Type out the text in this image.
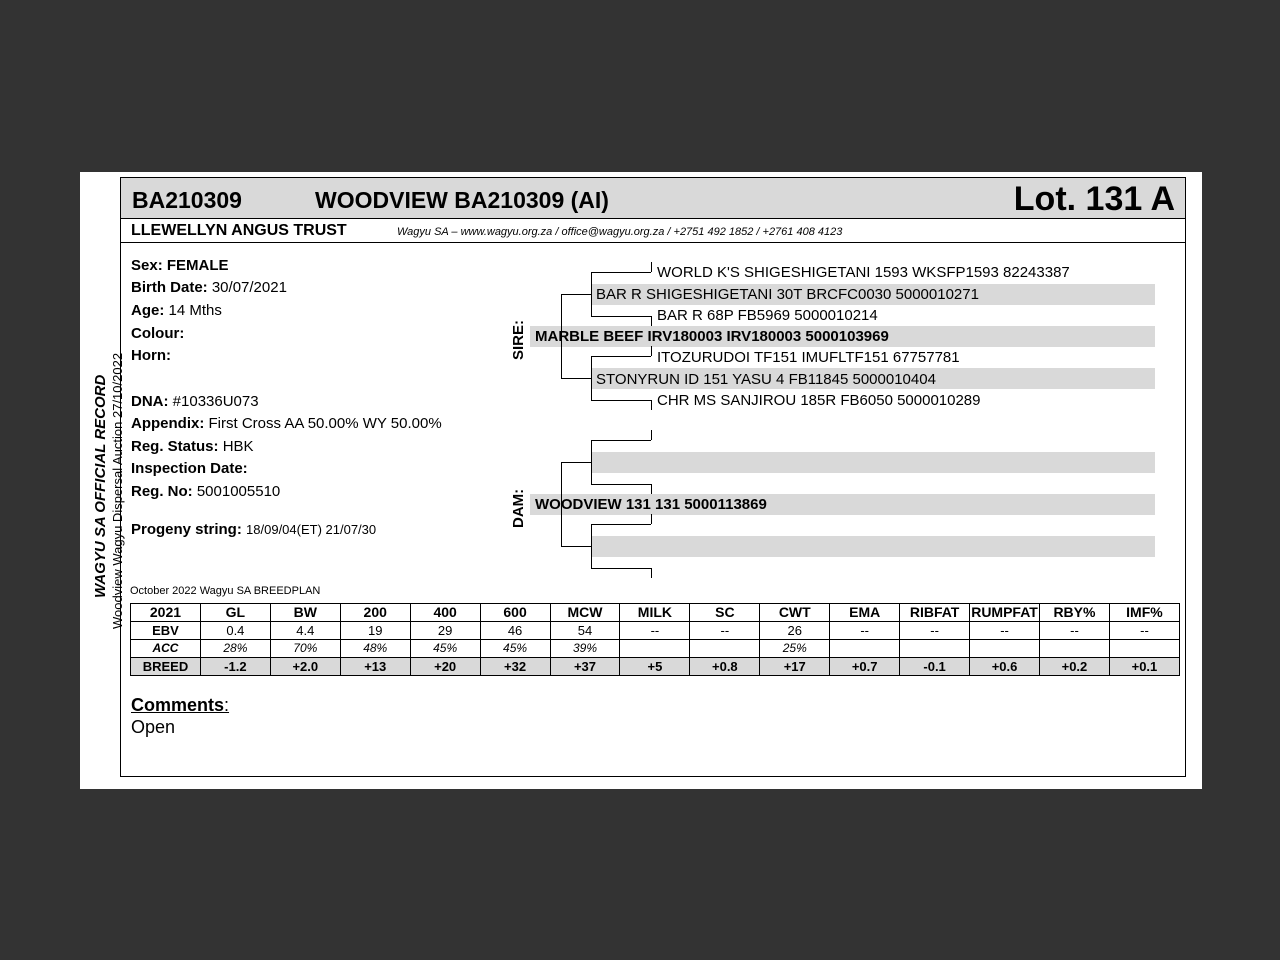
WAGYU SA OFFICIAL RECORD Woodview Wagyu Dispersal Auction 27/10/2022
BA210309	WOODVIEW BA210309 (AI)	Lot. 131 A
LLEWELLYN ANGUS TRUST	Wagyu SA – www.wagyu.org.za / office@wagyu.org.za / +2751 492 1852 / +2761 408 4123
Sex: FEMALE
Birth Date: 30/07/2021
Age: 14 Mths
Colour:
Horn:
DNA: #10336U073
Appendix: First Cross AA 50.00% WY 50.00%
Reg. Status: HBK
Inspection Date:
Reg. No: 5001005510
Progeny string: 18/09/04(ET) 21/07/30
SIRE:
DAM:
WORLD K'S SHIGESHIGETANI 1593 WKSFP1593 82243387
BAR R SHIGESHIGETANI 30T BRCFC0030 5000010271
BAR R 68P FB5969 5000010214
MARBLE BEEF IRV180003 IRV180003 5000103969
ITOZURUDOI TF151 IMUFLTF151 67757781
STONYRUN ID 151 YASU 4 FB11845 5000010404
CHR MS SANJIROU 185R FB6050 5000010289
WOODVIEW 131 131 5000113869
October 2022 Wagyu SA BREEDPLAN
2021	GL	BW	200	400	600	MCW	MILK	SC	CWT	EMA	RIBFAT	RUMPFAT	RBY%	IMF%
EBV	0.4	4.4	19	29	46	54	--	--	26	--	--	--	--	--
ACC	28%	70%	48%	45%	45%	39%			25%					
BREED	-1.2	+2.0	+13	+20	+32	+37	+5	+0.8	+17	+0.7	-0.1	+0.6	+0.2	+0.1
Comments:
Open
